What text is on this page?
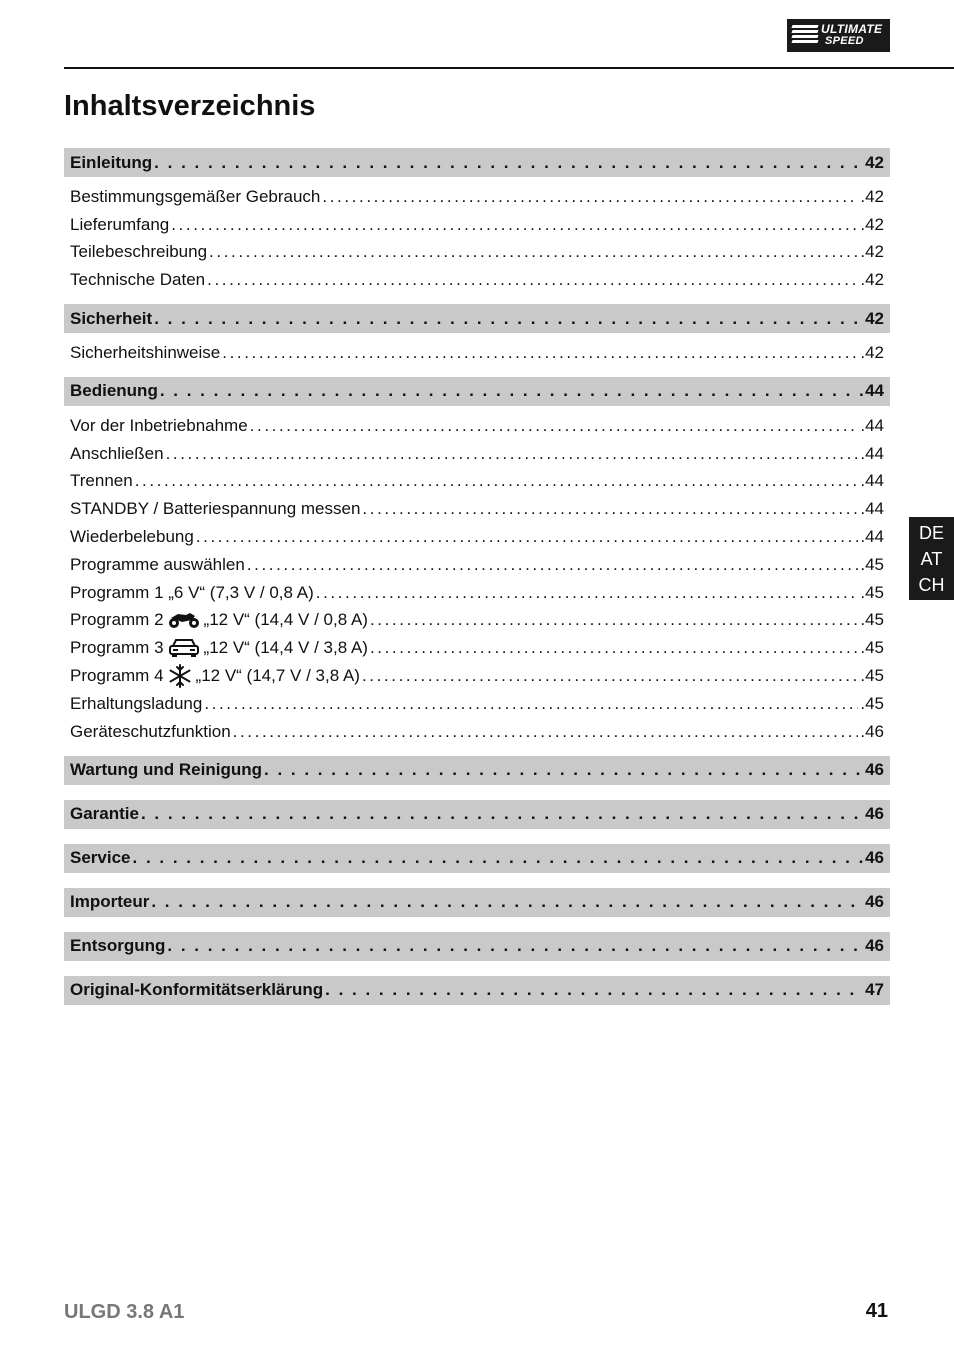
ULTIMATE
SPEED
Inhaltsverzeichnis
Einleitung . . .	42
Bestimmungsgemäßer Gebrauch .....	.42
Lieferumfang .....	.42
Teilebeschreibung .....	.42
Technische Daten .....	.42
Sicherheit . . .	42
Sicherheitshinweise .....	.42
Bedienung . . .	44
Vor der Inbetriebnahme .....	.44
Anschließen .....	.44
Trennen .....	.44
STANDBY / Batteriespannung messen .....	.44
Wiederbelebung .....	.44
Programme auswählen .....	.45
Programm 1 „6 V“ (7,3 V / 0,8 A) .....	.45
Programm 2 „12 V“ (14,4 V / 0,8 A) .....	.45
Programm 3 „12 V“ (14,4 V / 3,8 A) .....	.45
Programm 4 „12 V“ (14,7 V / 3,8 A) .....	.45
Erhaltungsladung .....	.45
Geräteschutzfunktion .....	.46
Wartung und Reinigung . . .	46
Garantie . . .	46
Service . . .	46
Importeur . . .	46
Entsorgung . . .	46
Original-Konformitätserklärung . . .	47
DE
AT
CH
ULGD 3.8 A1	41
